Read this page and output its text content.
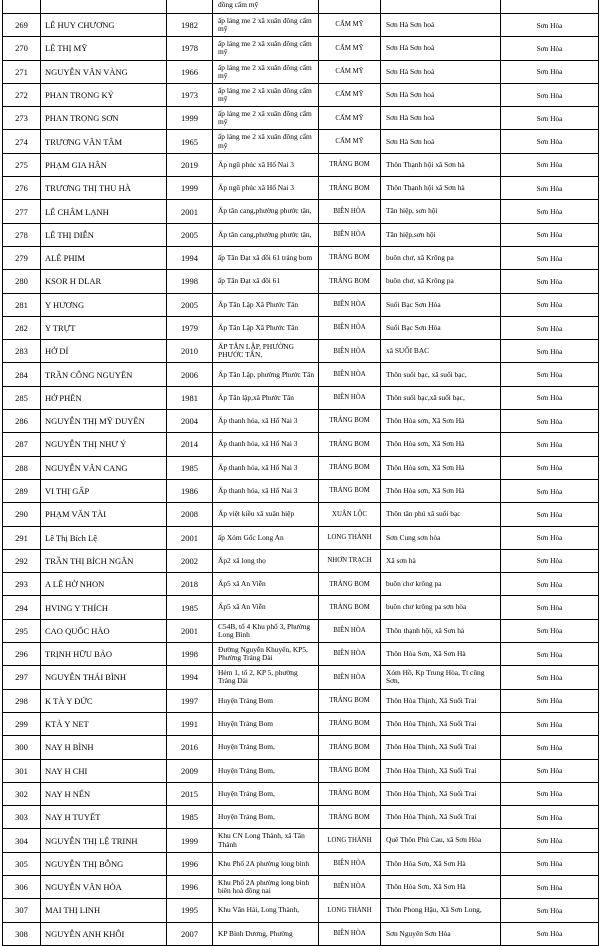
			đồng cấm mỹ			
269	LÊ HUY CHƯƠNG	1982	ấp láng me 2 xã xuân đông cẩm mỹ	CẨM MỸ	Sơn Hà Sơn hoá	Sơn Hòa
270	LÊ THỊ MỸ	1978	ấp láng me 2 xã xuân đông cẩm mỹ	CẨM MỸ	Sơn Hà Sơn hoá	Sơn Hòa
271	NGUYỄN VĂN VÀNG	1966	ấp láng me 2 xã xuân đông cẩm mỹ	CẨM MỸ	Sơn Hà Sơn hoá	Sơn Hòa
272	PHAN TRỌNG KỶ	1973	ấp láng me 2 xã xuân đông cẩm mỹ	CẨM MỸ	Sơn Hà Sơn hoá	Sơn Hòa
273	PHAN TRỌNG SƠN	1999	ấp láng me 2 xã xuân đông cẩm mỹ	CẨM MỸ	Sơn Hà Sơn hoá	Sơn Hòa
274	TRƯƠNG VĂN TÂM	1965	ấp láng me 2 xã xuân đông cẩm mỹ	CẨM MỸ	Sơn Hà Sơn hoá	Sơn Hòa
275	PHẠM GIA HÂN	2019	Ấp ngũ phúc xã Hố Nai 3	TRẢNG BOM	Thôn Thạnh hội xã Sơn hà	Sơn Hòa
276	TRƯƠNG THỊ THU HÀ	1999	Ấp ngũ phúc xã Hố Nai 3	TRẢNG BOM	Thôn Thạnh hội xã Sơn hà	Sơn Hòa
277	LÊ CHÂM LẠNH	2001	Ấp tân cang,phường phước tân,	BIÊN HÒA	Tân hiệp, sơn hội	Sơn Hòa
278	LÊ THỊ DIỄN	2005	Ấp tân cang,phường phước tân,	BIÊN HÒA	Tân hiệp,sơn hội	Sơn Hòa
279	ALÊ PHIM	1994	ấp Tân Đạt xã đồi 61 trảng bom	TRẢNG BOM	buôn chơ, xã Krông pa	Sơn Hòa
280	KSOR H DLAR	1998	ấp Tân Đạt xã đồi 61	TRẢNG BOM	buôn chơ, xã Krông pa	Sơn Hòa
281	Y HƯƠNG	2005	Ấp Tân Lập Xã Phước Tân	BIÊN HÒA	Suối Bạc Sơn Hòa	Sơn Hòa
282	Y TRỰT	1979	Ấp Tân Lập Xã Phước Tân	BIÊN HÒA	Suối Bạc Sơn Hòa	Sơn Hòa
283	HỞ DỈ	2010	ẤP TÂN LẬP, PHƯỜNG PHƯỚC TÂN,	BIÊN HÒA	xã SUỐI BẠC	Sơn Hòa
284	TRẦN CÔNG NGUYÊN	2006	Ấp Tân Lập, phường Phước Tân	BIÊN HÒA	Thôn suối bạc, xã suối bạc,	Sơn Hòa
285	HỞ PHÊN	1981	Ấp Tân lập,xã Phước Tân	BIÊN HÒA	Thôn suối bạc,xã suối bạc,	Sơn Hòa
286	NGUYỄN THỊ MỸ DUYÊN	2004	Ấp thanh hóa, xã Hố Nai 3	TRẢNG BOM	Thôn Hòa sơn, Xã Sơn Hà	Sơn Hòa
287	NGUYỄN THỊ NHƯ Ý	2014	Ấp thanh hóa, xã Hố Nai 3	TRẢNG BOM	Thôn Hòa sơn, Xã Sơn Hà	Sơn Hòa
288	NGUYỄN VĂN CANG	1985	Ấp thanh hóa, xã Hố Nai 3	TRẢNG BOM	Thôn Hòa sơn, Xã Sơn Hà	Sơn Hòa
289	VI THỊ GẤP	1986	Ấp thanh hóa, xã Hố Nai 3	TRẢNG BOM	Thôn Hòa sơn, Xã Sơn Hà	Sơn Hòa
290	PHẠM VĂN TÀI	2008	Ấp việt kiều xã xuân hiệp	XUÂN LỘC	Thôn tân phú xã suối bạc	Sơn Hòa
291	Lê Thị Bích Lệ	2001	ấp Xóm Gốc Long An	LONG THÀNH	Sơn Cung sơn hòa	Sơn Hòa
292	TRẦN THỊ BÍCH NGÂN	2002	Ấp2 xã long thọ	NHƠN TRẠCH	Xã sơn hà	Sơn Hòa
293	A LÊ HỜ NHON	2018	Ấp5 xã An Viễn	TRẢNG BOM	buôn chơ krông pa	Sơn Hòa
294	HVING Y THÍCH	1985	Ấp5 xã An Viễn	TRẢNG BOM	buôn chơ krông pa sơn hòa	Sơn Hòa
295	CAO QUỐC HÀO	2001	C54B, tổ 4 Khu phố 3, Phường Long Bình	BIÊN HÒA	Thôn thạnh hội, xã Sơn hà	Sơn Hòa
296	TRỊNH HỮU BẢO	1998	Đường Nguyễn Khuyến, KP5, Phường Trảng Dài	BIÊN HÒA	Thôn Hòa Sơn, Xã Sơn Hà	Sơn Hòa
297	NGUYỄN THÁI BÌNH	1994	Hẻm 1, tổ 2, KP 5, phường Trảng Dài	BIÊN HÒA	Xóm Hồ, Kp Trung Hòa, Tt cũng Sơn,	Sơn Hòa
298	K TÀ Y ĐỨC	1997	Huyện Trảng Bom	TRẢNG BOM	Thôn Hòa Thịnh, Xã Suối Trai	Sơn Hòa
299	KTÀ Y NET	1991	Huyện Trảng Bom	TRẢNG BOM	Thôn Hòa Thịnh, Xã Suối Trai	Sơn Hòa
300	NAY H BÌNH	2016	Huyện Trảng Bom,	TRẢNG BOM	Thôn Hòa Thịnh, Xã Suối Trai	Sơn Hòa
301	NAY H CHI	2009	Huyện Trảng Bom,	TRẢNG BOM	Thôn Hòa Thịnh, Xã Suối Trai	Sơn Hòa
302	NAY H NẾN	2015	Huyện Trảng Bom,	TRẢNG BOM	Thôn Hòa Thịnh, Xã Suối Trai	Sơn Hòa
303	NAY H TUYẾT	1985	Huyện Trảng Bom,	TRẢNG BOM	Thôn Hòa Thịnh, Xã Suối Trai	Sơn Hòa
304	NGUYỄN THỊ LỆ TRINH	1999	Khu CN Long Thành, xã Tân Thành	LONG THÀNH	Quê Thôn Phú Cau, xã Sơn Hòa	Sơn Hòa
305	NGUYỄN THỊ BÔNG	1996	Khu Phố 2A phường long bình	BIÊN HÒA	Thôn Hòa Sơn, Xã Sơn Hà	Sơn Hòa
306	NGUYỄN VĂN HÒA	1996	Khu Phố 2A phường long bình biên hoà đồng nai	BIÊN HÒA	Thôn Hòa Sơn, Xã Sơn Hà	Sơn Hòa
307	MAI THỊ LINH	1995	Khu Văn Hải, Long Thành,	LONG THÀNH	Thôn Phong Hậu, Xã Sơn Long,	Sơn Hòa
308	NGUYỄN ANH KHÔI	2007	KP Bình Dương, Phường	BIÊN HÒA	Sơn Nguyên Sơn Hòa	Sơn Hòa
